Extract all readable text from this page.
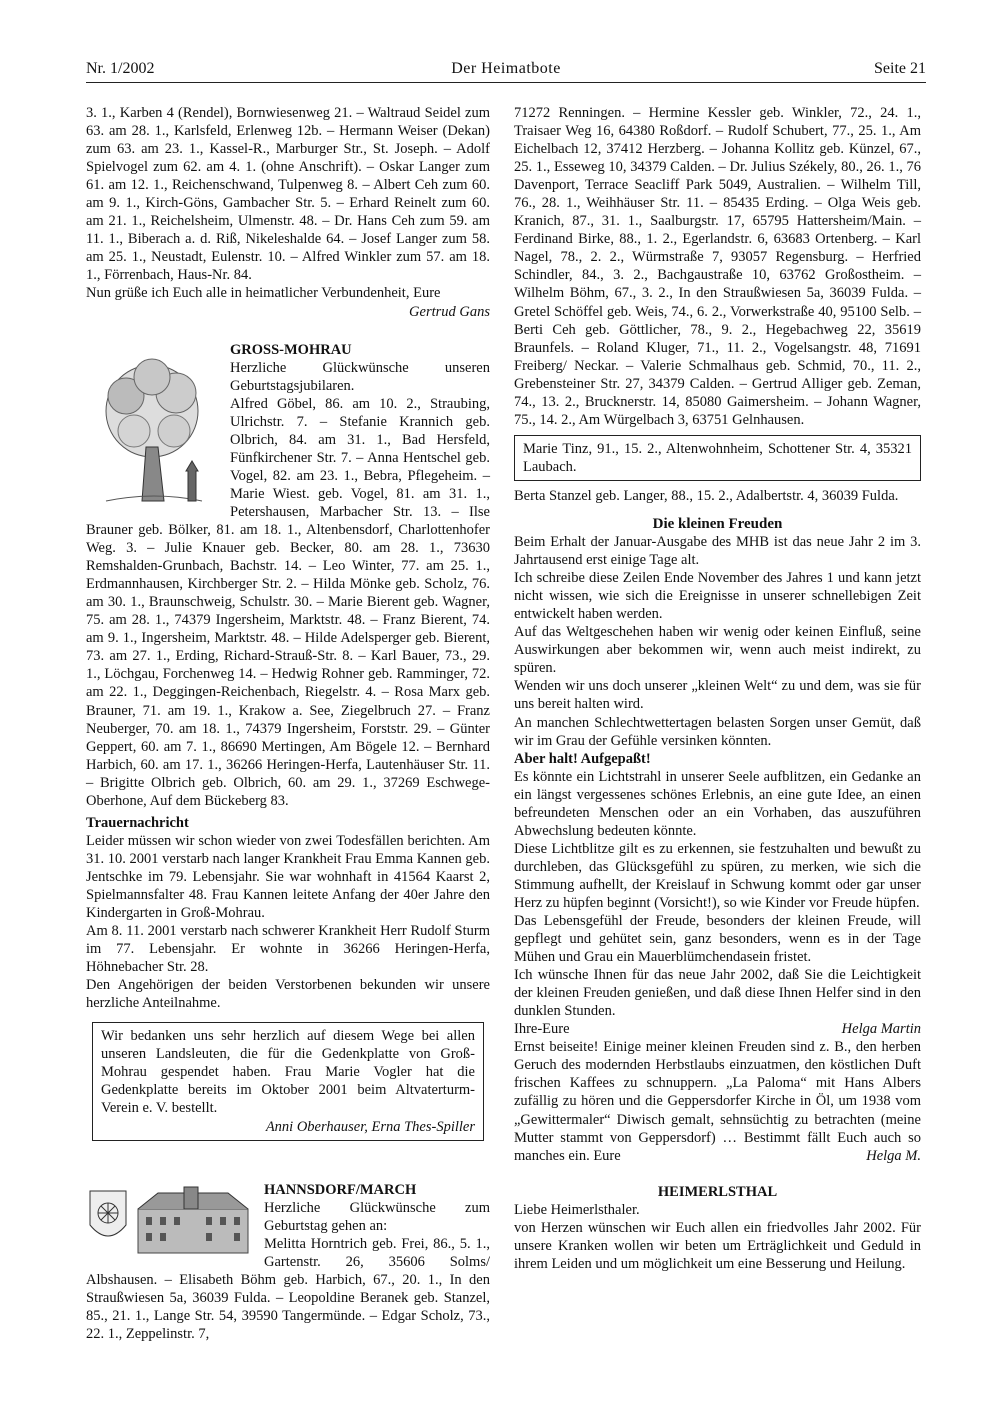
Nr. 1/2002	Der Heimatbote	Seite 21

3. 1., Karben 4 (Rendel), Bornwiesenweg 21. – Waltraud Seidel zum 63. am 28. 1., Karlsfeld, Erlenweg 12b. – Hermann Weiser (Dekan) zum 63. am 23. 1., Kassel-R., Marburger Str., St. Joseph. – Adolf Spielvogel zum 62. am 4. 1. (ohne Anschrift). – Oskar Langer zum 61. am 12. 1., Reichenschwand, Tulpenweg 8. – Albert Ceh zum 60. am 9. 1., Kirch-Göns, Gambacher Str. 5. – Erhard Reinelt zum 60. am 21. 1., Reichelsheim, Ulmenstr. 48. – Dr. Hans Ceh zum 59. am 11. 1., Biberach a. d. Riß, Nikeleshalde 64. – Josef Langer zum 58. am 25. 1., Neustadt, Eulenstr. 10. – Alfred Winkler zum 57. am 18. 1., Förrenbach, Haus-Nr. 84.

Nun grüße ich Euch alle in heimatlicher Verbundenheit, Eure

Gertrud Gans

GROSS-MOHRAU

Herzliche Glückwünsche unseren Geburtstagsjubilaren.

Alfred Göbel, 86. am 10. 2., Straubing, Ulrichstr. 7. – Stefanie Krannich geb. Olbrich, 84. am 31. 1., Bad Hersfeld, Fünfkirchener Str. 7. – Anna Hentschel geb. Vogel, 82. am 23. 1., Bebra, Pflegeheim. – Marie Wiest. geb. Vogel, 81. am 31. 1., Petershausen, Marbacher Str. 13. – Ilse Brauner geb. Bölker, 81. am 18. 1., Altenbensdorf, Charlottenhofer Weg. 3. – Julie Knauer geb. Becker, 80. am 28. 1., 73630 Remshalden-Grunbach, Bachstr. 14. – Leo Winter, 77. am 25. 1., Erdmannhausen, Kirchberger Str. 2. – Hilda Mönke geb. Scholz, 76. am 30. 1., Braunschweig, Schulstr. 30. – Marie Bierent geb. Wagner, 75. am 28. 1., 74379 Ingersheim, Marktstr. 48. – Franz Bierent, 74. am 9. 1., Ingersheim, Marktstr. 48. – Hilde Adelsperger geb. Bierent, 73. am 27. 1., Erding, Richard-Strauß-Str. 8. – Karl Bauer, 73., 29. 1., Löchgau, Forchenweg 14. – Hedwig Rohner geb. Ramminger, 72. am 22. 1., Deggingen-Reichenbach, Riegelstr. 4. – Rosa Marx geb. Brauner, 71. am 19. 1., Krakow a. See, Ziegelbruch 27. – Franz Neuberger, 70. am 18. 1., 74379 Ingersheim, Forststr. 29. – Günter Geppert, 60. am 7. 1., 86690 Mertingen, Am Bögele 12. – Bernhard Harbich, 60. am 17. 1., 36266 Heringen-Herfa, Lautenhäuser Str. 11. – Brigitte Olbrich geb. Olbrich, 60. am 29. 1., 37269 Eschwege-Oberhone, Auf dem Bückeberg 83.

Trauernachricht

Leider müssen wir schon wieder von zwei Todesfällen berichten. Am 31. 10. 2001 verstarb nach langer Krankheit Frau Emma Kannen geb. Jentschke im 79. Lebensjahr. Sie war wohnhaft in 41564 Kaarst 2, Spielmannsfalter 48. Frau Kannen leitete Anfang der 40er Jahre den Kindergarten in Groß-Mohrau.

Am 8. 11. 2001 verstarb nach schwerer Krankheit Herr Rudolf Sturm im 77. Lebensjahr. Er wohnte in 36266 Heringen-Herfa, Höhnebacher Str. 28.

Den Angehörigen der beiden Verstorbenen bekunden wir unsere herzliche Anteilnahme.

Wir bedanken uns sehr herzlich auf diesem Wege bei allen unseren Landsleuten, die für die Gedenkplatte von Groß-Mohrau gespendet haben. Frau Marie Vogler hat die Gedenkplatte bereits im Oktober 2001 beim Altvaterturm-Verein e. V. bestellt.

Anni Oberhauser, Erna Thes-Spiller

HANNSDORF/MARCH

Herzliche Glückwünsche zum Geburtstag gehen an:

Melitta Horntrich geb. Frei, 86., 5. 1., Gartenstr. 26, 35606 Solms/ Albshausen. – Elisabeth Böhm geb. Harbich, 67., 20. 1., In den Straußwiesen 5a, 36039 Fulda. – Leopoldine Beranek geb. Stanzel, 85., 21. 1., Lange Str. 54, 39590 Tangermünde. – Edgar Scholz, 73., 22. 1., Zeppelinstr. 7,

71272 Renningen. – Hermine Kessler geb. Winkler, 72., 24. 1., Traisaer Weg 16, 64380 Roßdorf. – Rudolf Schubert, 77., 25. 1., Am Eichelbach 12, 37412 Herzberg. – Johanna Kollitz geb. Künzel, 67., 25. 1., Esseweg 10, 34379 Calden. – Dr. Julius Székely, 80., 26. 1., 76 Davenport, Terrace Seacliff Park 5049, Australien. – Wilhelm Till, 76., 28. 1., Weihhäuser Str. 11. – 85435 Erding. – Olga Weis geb. Kranich, 87., 31. 1., Saalburgstr. 17, 65795 Hattersheim/Main. – Ferdinand Birke, 88., 1. 2., Egerlandstr. 6, 63683 Ortenberg. – Karl Nagel, 78., 2. 2., Würmstraße 7, 93057 Regensburg. – Herfried Schindler, 84., 3. 2., Bachgaustraße 10, 63762 Großostheim. – Wilhelm Böhm, 67., 3. 2., In den Straußwiesen 5a, 36039 Fulda. – Gretel Schöffel geb. Weis, 74., 6. 2., Vorwerkstraße 40, 95100 Selb. – Berti Ceh geb. Göttlicher, 78., 9. 2., Hegebachweg 22, 35619 Braunfels. – Roland Kluger, 71., 11. 2., Vogelsangstr. 48, 71691 Freiberg/ Neckar. – Valerie Schmalhaus geb. Schmid, 70., 11. 2., Grebensteiner Str. 27, 34379 Calden. – Gertrud Alliger geb. Zeman, 74., 13. 2., Brucknerstr. 14, 85080 Gaimersheim. – Johann Wagner, 75., 14. 2., Am Würgelbach 3, 63751 Gelnhausen.

Marie Tinz, 91., 15. 2., Altenwohnheim, Schottener Str. 4, 35321 Laubach.

Berta Stanzel geb. Langer, 88., 15. 2., Adalbertstr. 4, 36039 Fulda.

Die kleinen Freuden

Beim Erhalt der Januar-Ausgabe des MHB ist das neue Jahr 2 im 3. Jahrtausend erst einige Tage alt.

Ich schreibe diese Zeilen Ende November des Jahres 1 und kann jetzt nicht wissen, wie sich die Ereignisse in unserer schnellebigen Zeit entwickelt haben werden.

Auf das Weltgeschehen haben wir wenig oder keinen Einfluß, seine Auswirkungen aber bekommen wir, wenn auch meist indirekt, zu spüren.

Wenden wir uns doch unserer „kleinen Welt“ zu und dem, was sie für uns bereit halten wird.

An manchen Schlechtwettertagen belasten Sorgen unser Gemüt, daß wir im Grau der Gefühle versinken könnten.

Aber halt! Aufgepaßt!

Es könnte ein Lichtstrahl in unserer Seele aufblitzen, ein Gedanke an ein längst vergessenes schönes Erlebnis, an eine gute Idee, an einen befreundeten Menschen oder an ein Vorhaben, das auszuführen Abwechslung bedeuten könnte.

Diese Lichtblitze gilt es zu erkennen, sie festzuhalten und bewußt zu durchleben, das Glücksgefühl zu spüren, zu merken, wie sich die Stimmung aufhellt, der Kreislauf in Schwung kommt oder gar unser Herz zu hüpfen beginnt (Vorsicht!), so wie Kinder vor Freude hüpfen.

Das Lebensgefühl der Freude, besonders der kleinen Freude, will gepflegt und gehütet sein, ganz besonders, wenn es in der Tage Mühen und Grau ein Mauerblümchendasein fristet.

Ich wünsche Ihnen für das neue Jahr 2002, daß Sie die Leichtigkeit der kleinen Freuden genießen, und daß diese Ihnen Helfer sind in den dunklen Stunden.

Ihre-Eure	Helga Martin

Ernst beiseite! Einige meiner kleinen Freuden sind z. B., den herben Geruch des modernden Herbstlaubs einzuatmen, den köstlichen Duft frischen Kaffees zu schnuppern. „La Paloma“ mit Hans Albers zufällig zu hören und die Geppersdorfer Kirche in Öl, um 1938 vom „Gewittermaler“ Diwisch gemalt, sehnsüchtig zu betrachten (meine Mutter stammt von Geppersdorf) … Bestimmt fällt Euch auch so manches ein. Eure	Helga M.

HEIMERLSTHAL

Liebe Heimerlsthaler.

von Herzen wünschen wir Euch allen ein friedvolles Jahr 2002. Für unsere Kranken wollen wir beten um Erträglichkeit und Geduld in ihrem Leiden und um möglichkeit um eine Besserung und Heilung.
